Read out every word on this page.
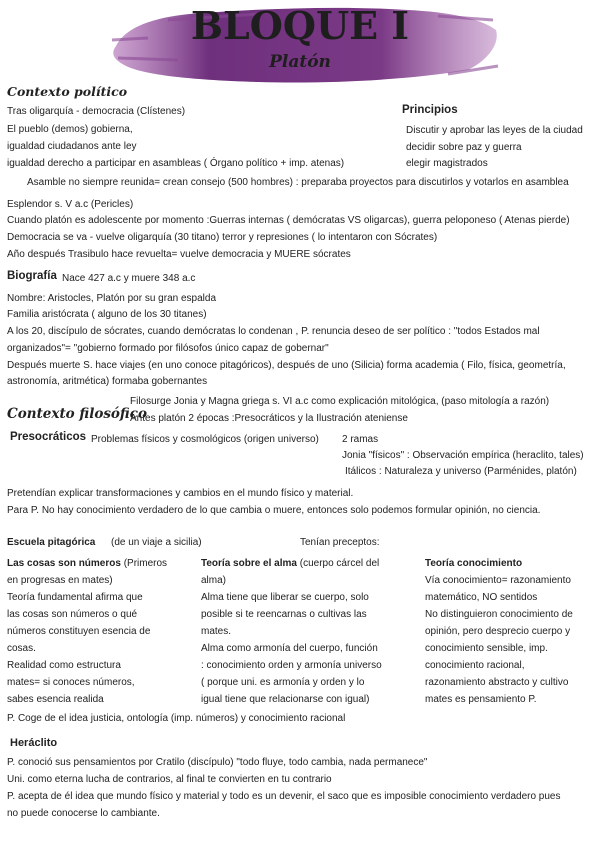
BLOQUE I
Platón
Contexto político
Tras oligarquía - democracia (Clístenes)
El pueblo (demos) gobierna,
igualdad ciudadanos ante ley
igualdad derecho a participar en asambleas ( Órgano político + imp. atenas)
Principios
Discutir y aprobar las leyes de la ciudad
decidir sobre paz y guerra
elegir magistrados
Asamble no siempre reunida= crean consejo (500 hombres) : preparaba proyectos para discutirlos y votarlos en asamblea
Esplendor s. V a.c (Pericles)
Cuando platón es adolescente por momento :Guerras internas ( demócratas VS oligarcas), guerra peloponeso ( Atenas pierde)
Democracia se va - vuelve oligarquía (30 titano) terror y represiones ( lo intentaron con Sócrates)
Año después Trasibulo hace revuelta= vuelve democracia y MUERE sócrates
Biografía Nace 427 a.c y muere 348 a.c
Nombre: Aristocles, Platón por su gran espalda
Familia aristócrata ( alguno de los 30 titanes)
A los 20, discípulo de sócrates, cuando demócratas lo condenan , P. renuncia deseo de ser político : "todos Estados mal
organizados"= "gobierno formado por filósofos único capaz de gobernar"
Después muerte S. hace viajes (en uno conoce pitagóricos), después de uno (Silicia) forma academia ( Filo, física, geometría,
astronomía, aritmética) formaba gobernantes
Filosurge Jonia y Magna griega s. VI a.c como explicación mitológica, (paso mitología a razón)
Contexto filosófico
Antes platón 2 épocas :Presocráticos y la Ilustración ateniense
Presocráticos Problemas físicos y cosmológicos (origen universo) 2 ramas
Jonia "físicos" : Observación empírica (heraclito, tales)
Itálicos : Naturaleza y universo (Parménides, platón)
Pretendían explicar transformaciones y cambios en el mundo físico y material.
Para P. No hay conocimiento verdadero de lo que cambia o muere, entonces solo podemos formular opinión, no ciencia.
Escuela pitagórica (de un viaje a sicilia)	Tenían preceptos:

Las cosas son números (Primeros

en progresas en mates)

Teoría fundamental afirma que

las cosas son números o qué

números constituyen esencia de

cosas.

Realidad como estructura

mates= si conoces números,

sabes esencia realida

Teoría sobre el alma (cuerpo cárcel del

alma)

Alma tiene que liberar se cuerpo, solo

posible si te reencarnas o cultivas las

mates.

Alma como armonía del cuerpo, función

: conocimiento orden y armonía universo

( porque uni. es armonía y orden y lo

igual tiene que relacionarse con igual)

Teoría conocimiento

Vía conocimiento= razonamiento

matemático, NO sentidos

No distinguieron conocimiento de

opinión, pero desprecio cuerpo y

conocimiento sensible, imp.

conocimiento racional,

razonamiento abstracto y cultivo

mates es pensamiento P.

P. Coge de el idea justicia, ontología (imp. números) y conocimiento racional
Heráclito
P. conoció sus pensamientos por Cratilo (discípulo) "todo fluye, todo cambia, nada permanece"
Uni. como eterna lucha de contrarios, al final te convierten en tu contrario
P. acepta de él idea que mundo físico y material y todo es un devenir, el saco que es imposible conocimiento verdadero pues
no puede conocerse lo cambiante.
